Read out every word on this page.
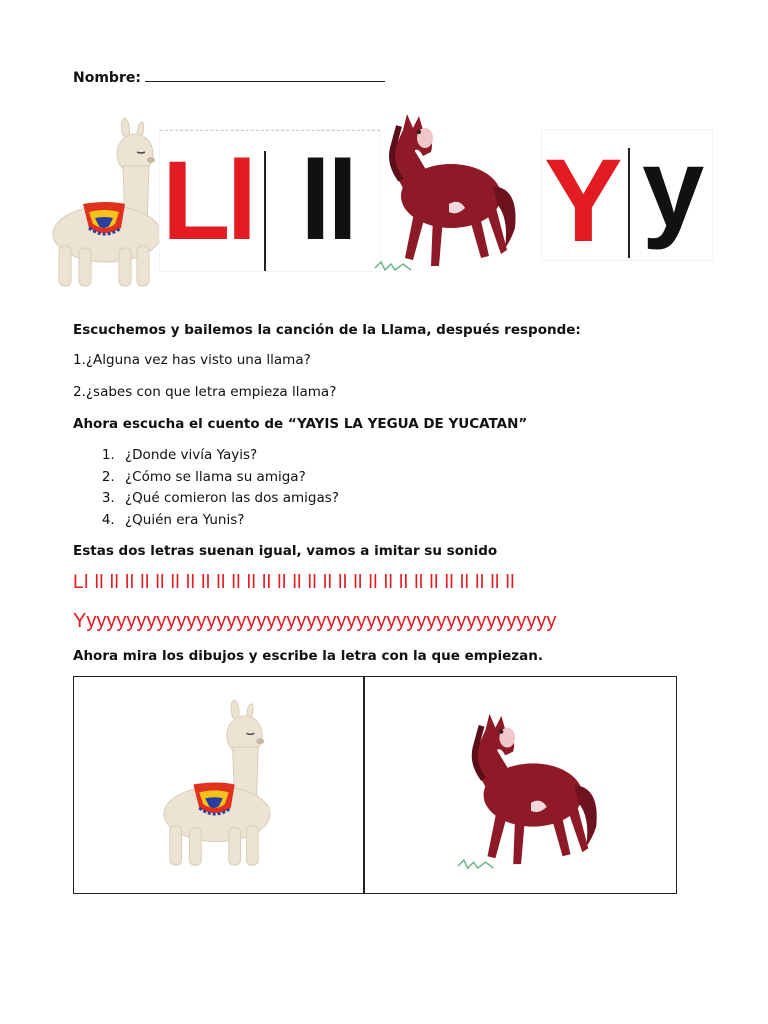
Nombre:
Ll ll Y y
Escuchemos y bailemos la canción de la Llama, después responde:
1.¿Alguna vez has visto una llama?
2.¿sabes con que letra empieza llama?
Ahora escucha el cuento de “YAYIS LA YEGUA DE YUCATAN”
1. ¿Donde vivía Yayis?
2. ¿Cómo se llama su amiga?
3. ¿Qué comieron las dos amigas?
4. ¿Quién era Yunis?
Estas dos letras suenan igual, vamos a imitar su sonido
Ll ll ll ll ll ll ll ll ll ll ll ll ll ll ll ll ll ll ll ll ll ll ll ll ll ll ll ll ll
Yyyyyyyyyyyyyyyyyyyyyyyyyyyyyyyyyyyyyyyyyyyyyyyy
Ahora mira los dibujos y escribe la letra con la que empiezan.
